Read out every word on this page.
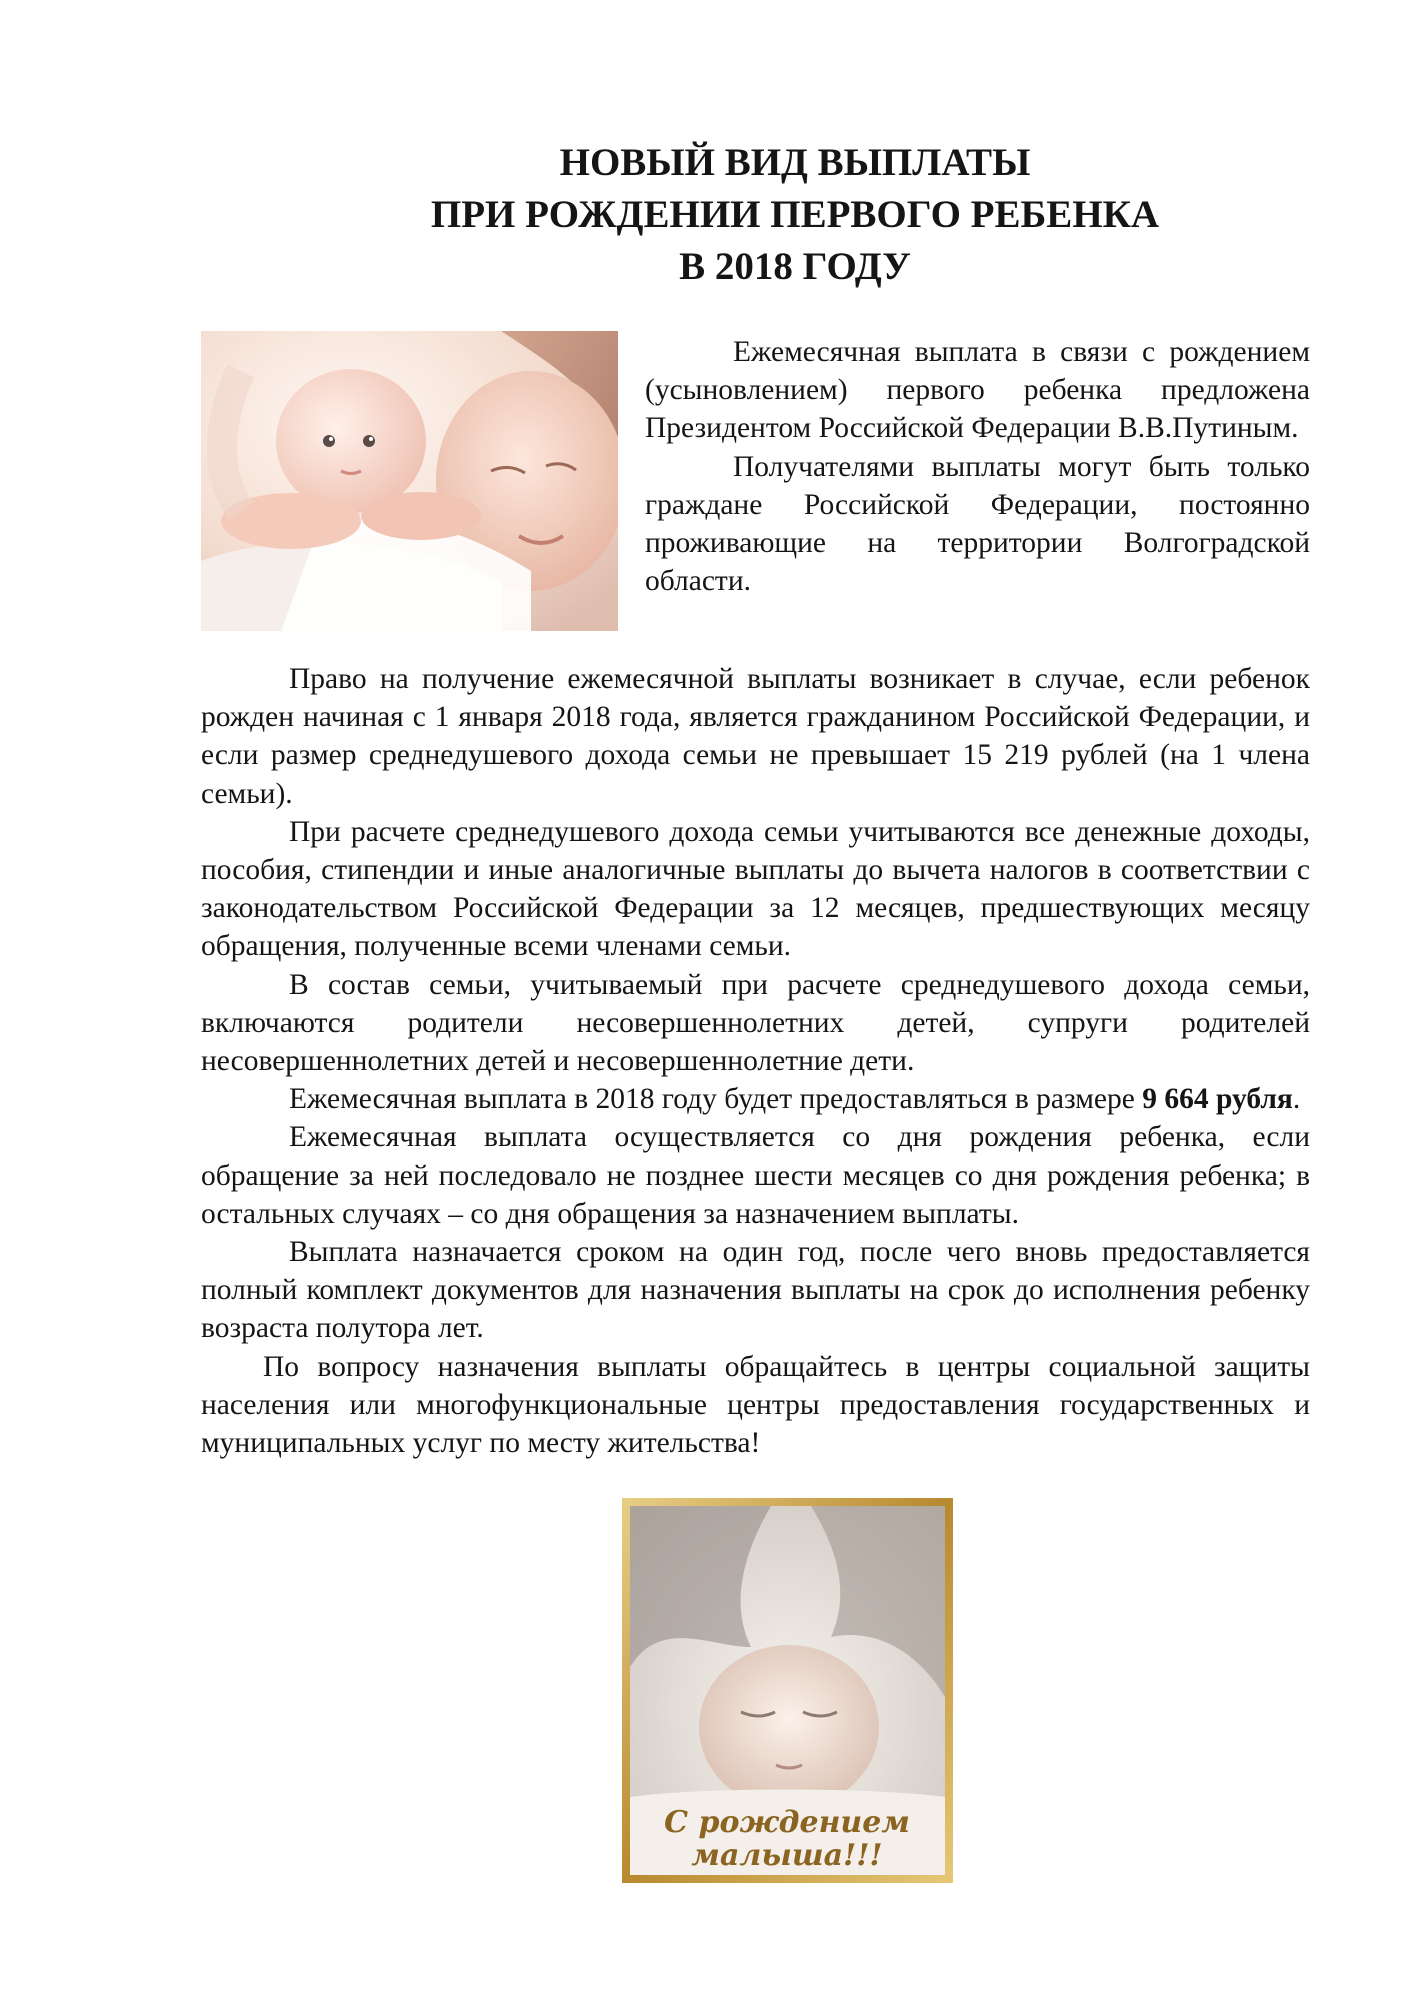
НОВЫЙ ВИД ВЫПЛАТЫ
ПРИ РОЖДЕНИИ ПЕРВОГО РЕБЕНКА
В 2018 ГОДУ

Ежемесячная выплата в связи с рождением (усыновлением) первого ребенка предложена Президентом Российской Федерации В.В.Путиным.

Получателями выплаты могут быть только граждане Российской Федерации, постоянно проживающие на территории Волгоградской области.

Право на получение ежемесячной выплаты возникает в случае, если ребенок рожден начиная с 1 января 2018 года, является гражданином Российской Федерации, и если размер среднедушевого дохода семьи не превышает 15 219 рублей (на 1 члена семьи).

При расчете среднедушевого дохода семьи учитываются все денежные доходы, пособия, стипендии и иные аналогичные выплаты до вычета налогов в соответствии с законодательством Российской Федерации за 12 месяцев, предшествующих месяцу обращения, полученные всеми членами семьи.

В состав семьи, учитываемый при расчете среднедушевого дохода семьи, включаются родители несовершеннолетних детей, супруги родителей несовершеннолетних детей и несовершеннолетние дети.

Ежемесячная выплата в 2018 году будет предоставляться в размере 9 664 рубля.

Ежемесячная выплата осуществляется со дня рождения ребенка, если обращение за ней последовало не позднее шести месяцев со дня рождения ребенка; в остальных случаях – со дня обращения за назначением выплаты.

Выплата назначается сроком на один год, после чего вновь предоставляется полный комплект документов для назначения выплаты на срок до исполнения ребенку возраста полутора лет.

По вопросу назначения выплаты обращайтесь в центры социальной защиты населения или многофункциональные центры предоставления государственных и муниципальных услуг по месту жительства!

С рождением
малыша!!!
